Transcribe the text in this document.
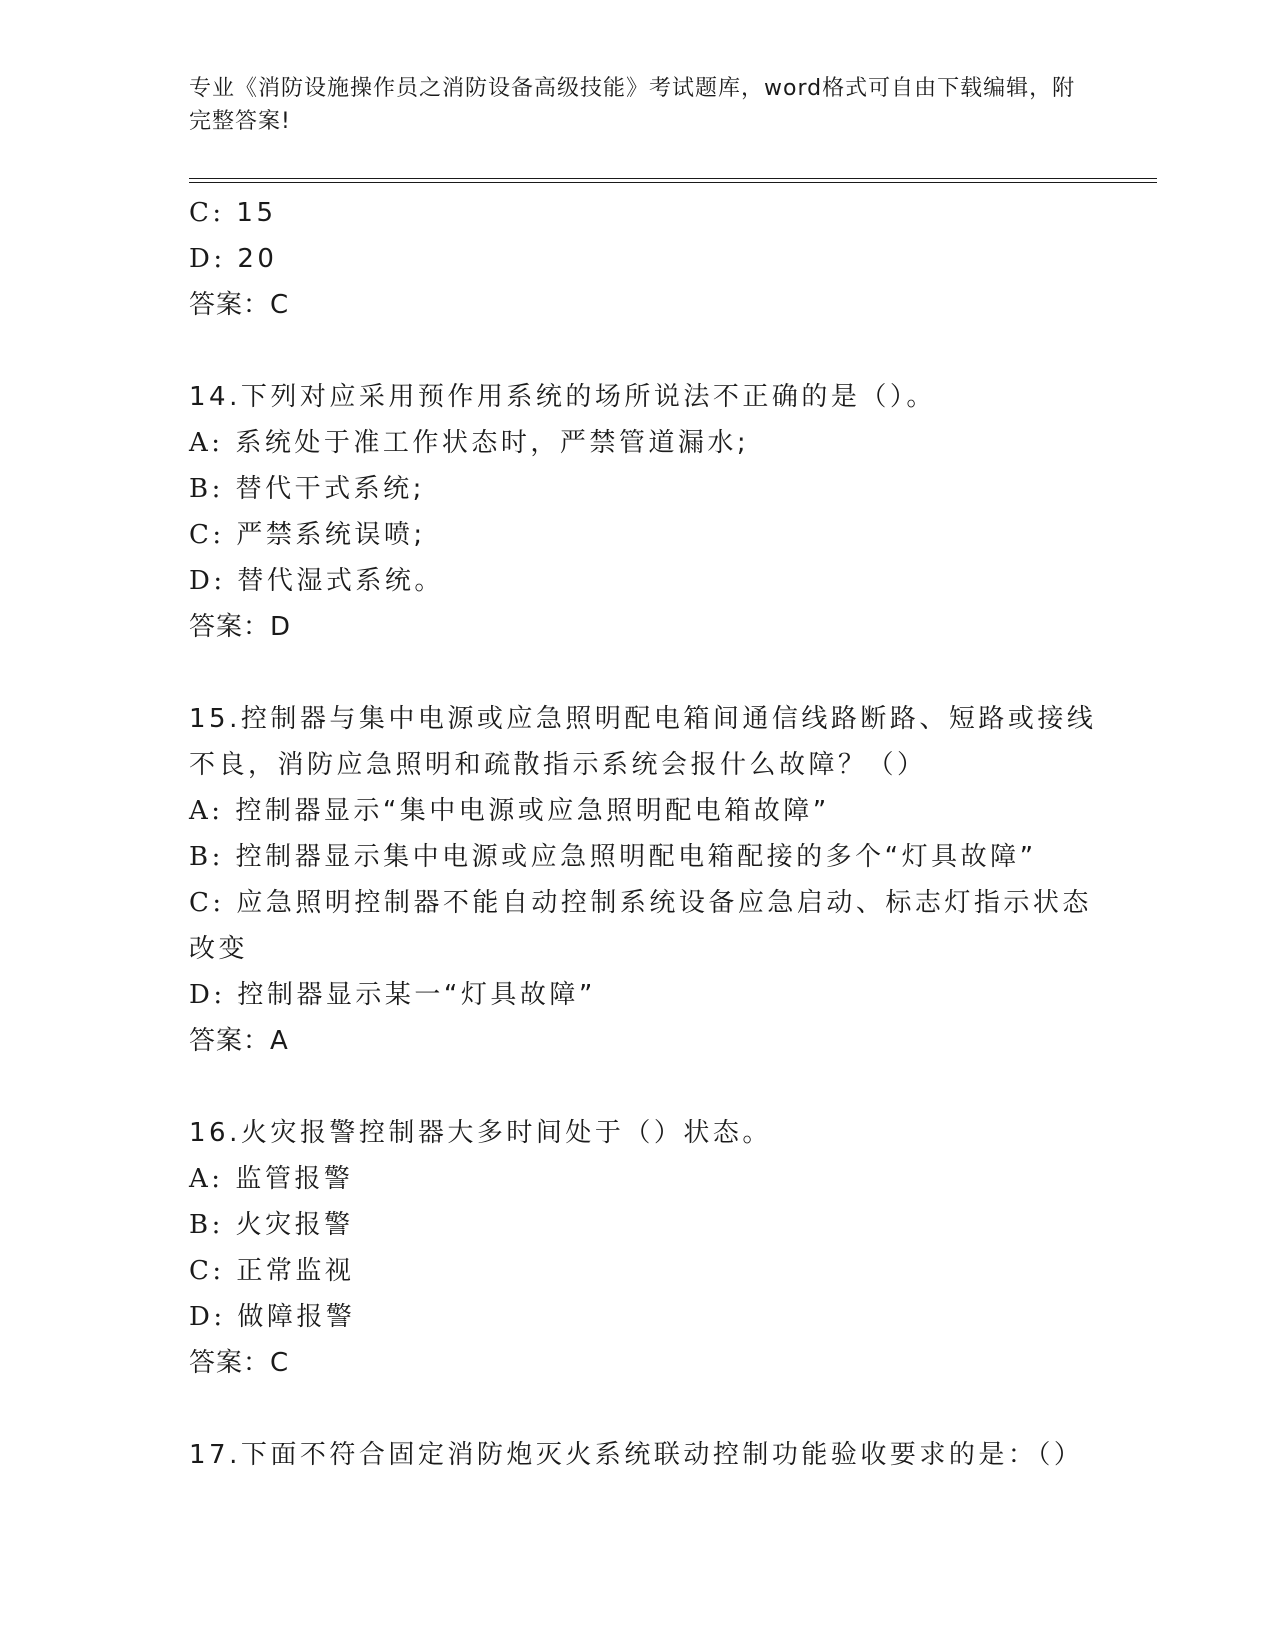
专业《消防设施操作员之消防设备高级技能》考试题库，word格式可自由下载编辑，附完整答案!
C: 15
D: 20
答案：C
14.下列对应采用预作用系统的场所说法不正确的是（）。
A: 系统处于准工作状态时，严禁管道漏水;
B: 替代干式系统;
C: 严禁系统误喷;
D: 替代湿式系统。
答案：D
15.控制器与集中电源或应急照明配电箱间通信线路断路、短路或接线
不良，消防应急照明和疏散指示系统会报什么故障？（）
A: 控制器显示“集中电源或应急照明配电箱故障”
B: 控制器显示集中电源或应急照明配电箱配接的多个“灯具故障”
C: 应急照明控制器不能自动控制系统设备应急启动、标志灯指示状态
改变
D: 控制器显示某一“灯具故障”
答案：A
16.火灾报警控制器大多时间处于（）状态。
A: 监管报警
B: 火灾报警
C: 正常监视
D: 做障报警
答案：C
17.下面不符合固定消防炮灭火系统联动控制功能验收要求的是：（）
